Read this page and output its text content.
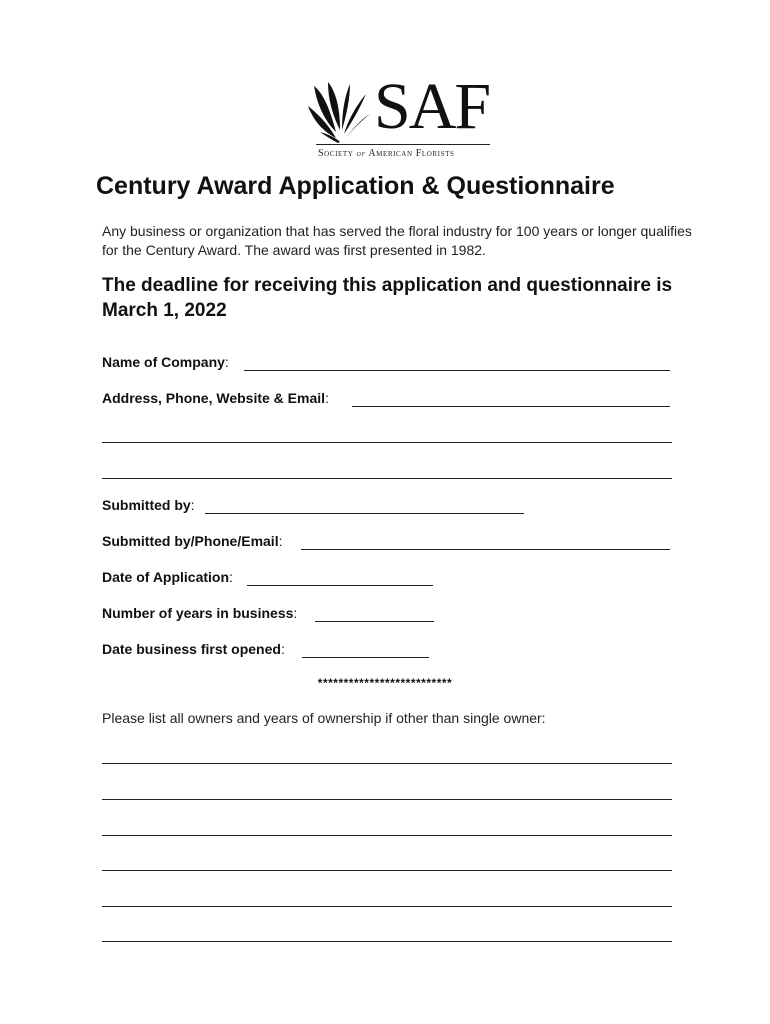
SAF
Society of American Florists
Century Award Application & Questionnaire
Any business or organization that has served the floral industry for 100 years or longer qualifies for the Century Award. The award was first presented in 1982.
The deadline for receiving this application and questionnaire is March 1, 2022
Name of Company:
Address, Phone, Website & Email:
Submitted by:
Submitted by/Phone/Email:
Date of Application:
Number of years in business:
Date business first opened:
**************************
Please list all owners and years of ownership if other than single owner:
